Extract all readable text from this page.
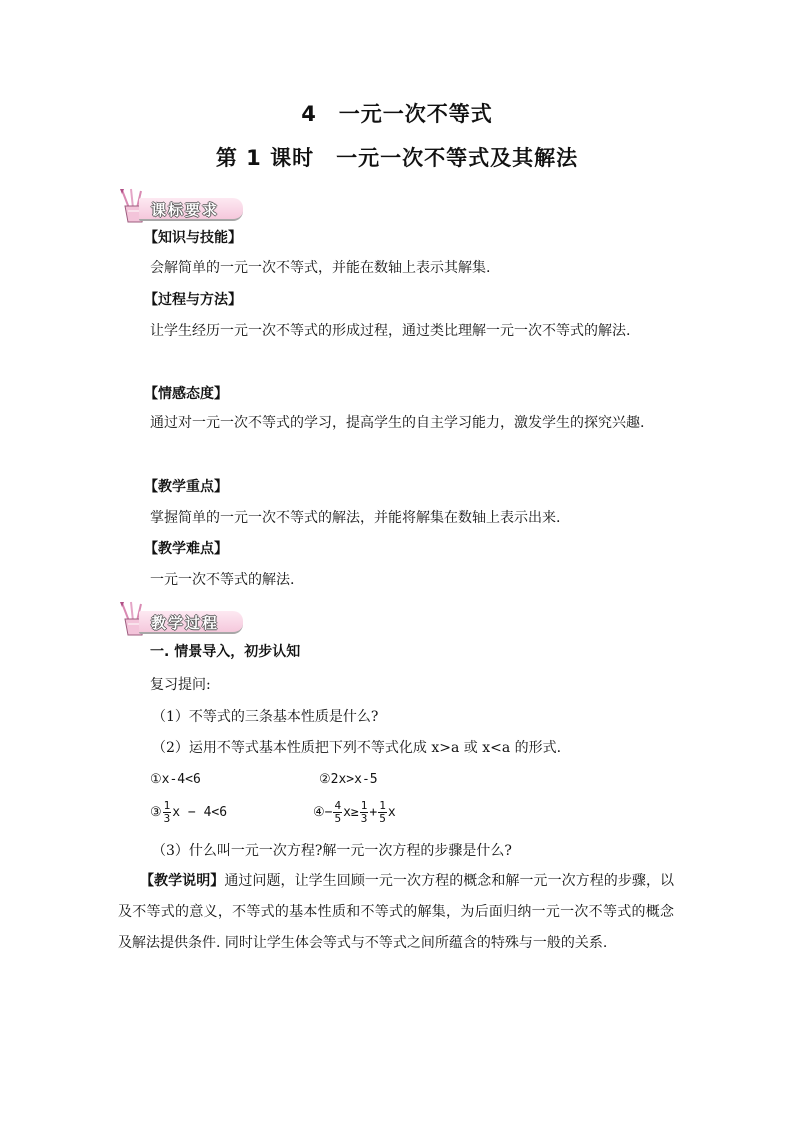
4　一元一次不等式
第 1 课时　一元一次不等式及其解法
课标要求
【知识与技能】
会解简单的一元一次不等式，并能在数轴上表示其解集.
【过程与方法】
让学生经历一元一次不等式的形成过程，通过类比理解一元一次不等式的解法.
【情感态度】
通过对一元一次不等式的学习，提高学生的自主学习能力，激发学生的探究兴趣.
【教学重点】
掌握简单的一元一次不等式的解法，并能将解集在数轴上表示出来.
【教学难点】
一元一次不等式的解法.
教学过程
一. 情景导入，初步认知
复习提问:
（1）不等式的三条基本性质是什么?
（2）运用不等式基本性质把下列不等式化成 x>a 或 x<a 的形式.
①x-4<6	②2x>x-5
③ $\frac{1}{3}$ x − 4<6	④− $\frac{4}{5} x\ge \frac{1}{3} + \frac{1}{5}$ x
（3）什么叫一元一次方程?解一元一次方程的步骤是什么?
【教学说明】通过问题，让学生回顾一元一次方程的概念和解一元一次方程的步骤，以及不等式的意义，不等式的基本性质和不等式的解集，为后面归纳一元一次不等式的概念及解法提供条件. 同时让学生体会等式与不等式之间所蕴含的特殊与一般的关系.
